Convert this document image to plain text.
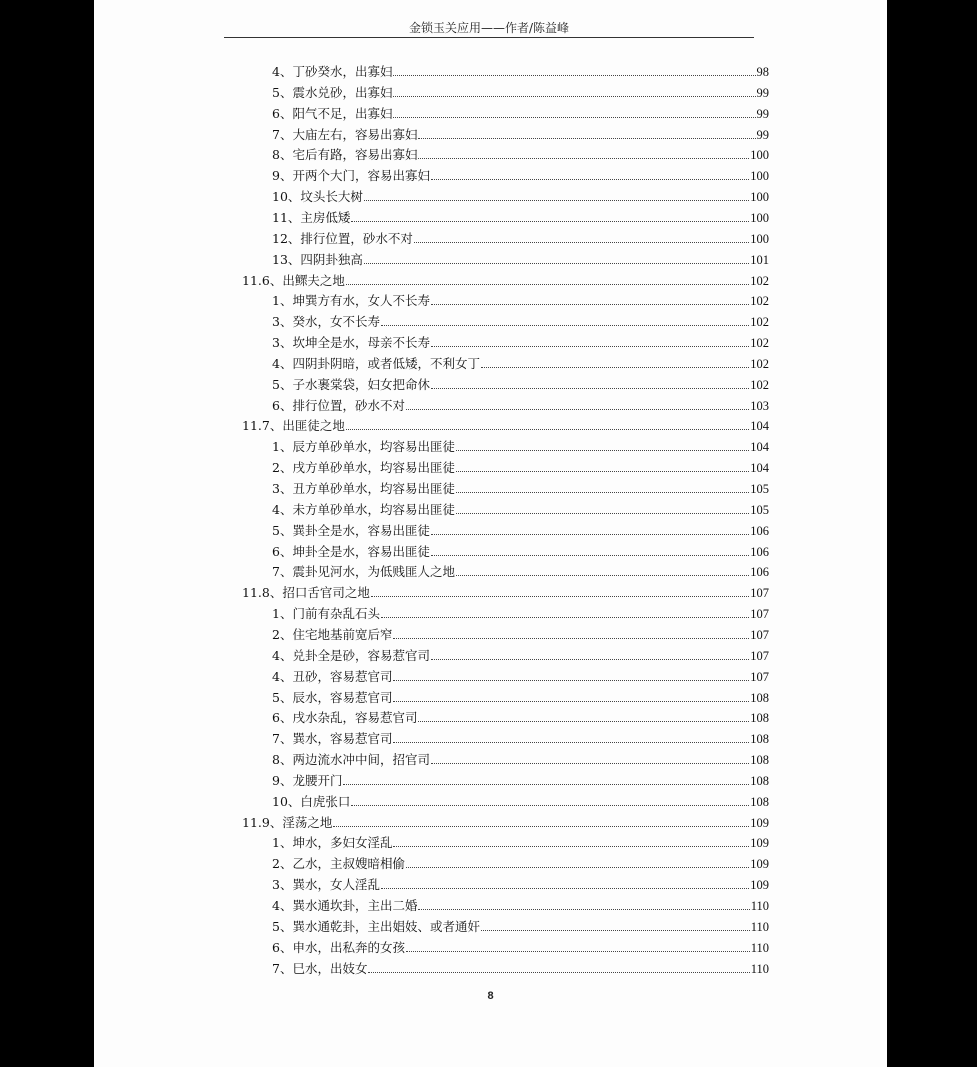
金锁玉关应用——作者/陈益峰
4、丁砂癸水，出寡妇	98
5、震水兑砂，出寡妇	99
6、阳气不足，出寡妇	99
7、大庙左右，容易出寡妇	99
8、宅后有路，容易出寡妇	100
9、开两个大门，容易出寡妇	100
10、坟头长大树	100
11、主房低矮	100
12、排行位置，砂水不对	100
13、四阴卦独高	101
11.6、出鳏夫之地	102
1、坤巽方有水，女人不长寿	102
3、癸水，女不长寿	102
3、坎坤全是水，母亲不长寿	102
4、四阴卦阴暗，或者低矮，不利女丁	102
5、子水裹棠袋，妇女把命休	102
6、排行位置，砂水不对	103
11.7、出匪徒之地	104
1、辰方单砂单水，均容易出匪徒	104
2、戌方单砂单水，均容易出匪徒	104
3、丑方单砂单水，均容易出匪徒	105
4、未方单砂单水，均容易出匪徒	105
5、巽卦全是水，容易出匪徒	106
6、坤卦全是水，容易出匪徒	106
7、震卦见河水，为低贱匪人之地	106
11.8、招口舌官司之地	107
1、门前有杂乱石头	107
2、住宅地基前宽后窄	107
4、兑卦全是砂，容易惹官司	107
4、丑砂，容易惹官司	107
5、辰水，容易惹官司	108
6、戌水杂乱，容易惹官司	108
7、巽水，容易惹官司	108
8、两边流水冲中间，招官司	108
9、龙腰开门	108
10、白虎张口	108
11.9、淫荡之地	109
1、坤水，多妇女淫乱	109
2、乙水，主叔嫂暗相偷	109
3、巽水，女人淫乱	109
4、巽水通坎卦，主出二婚	110
5、巽水通乾卦，主出娼妓、或者通奸	110
6、申水，出私奔的女孩	110
7、巳水，出妓女	110
8
